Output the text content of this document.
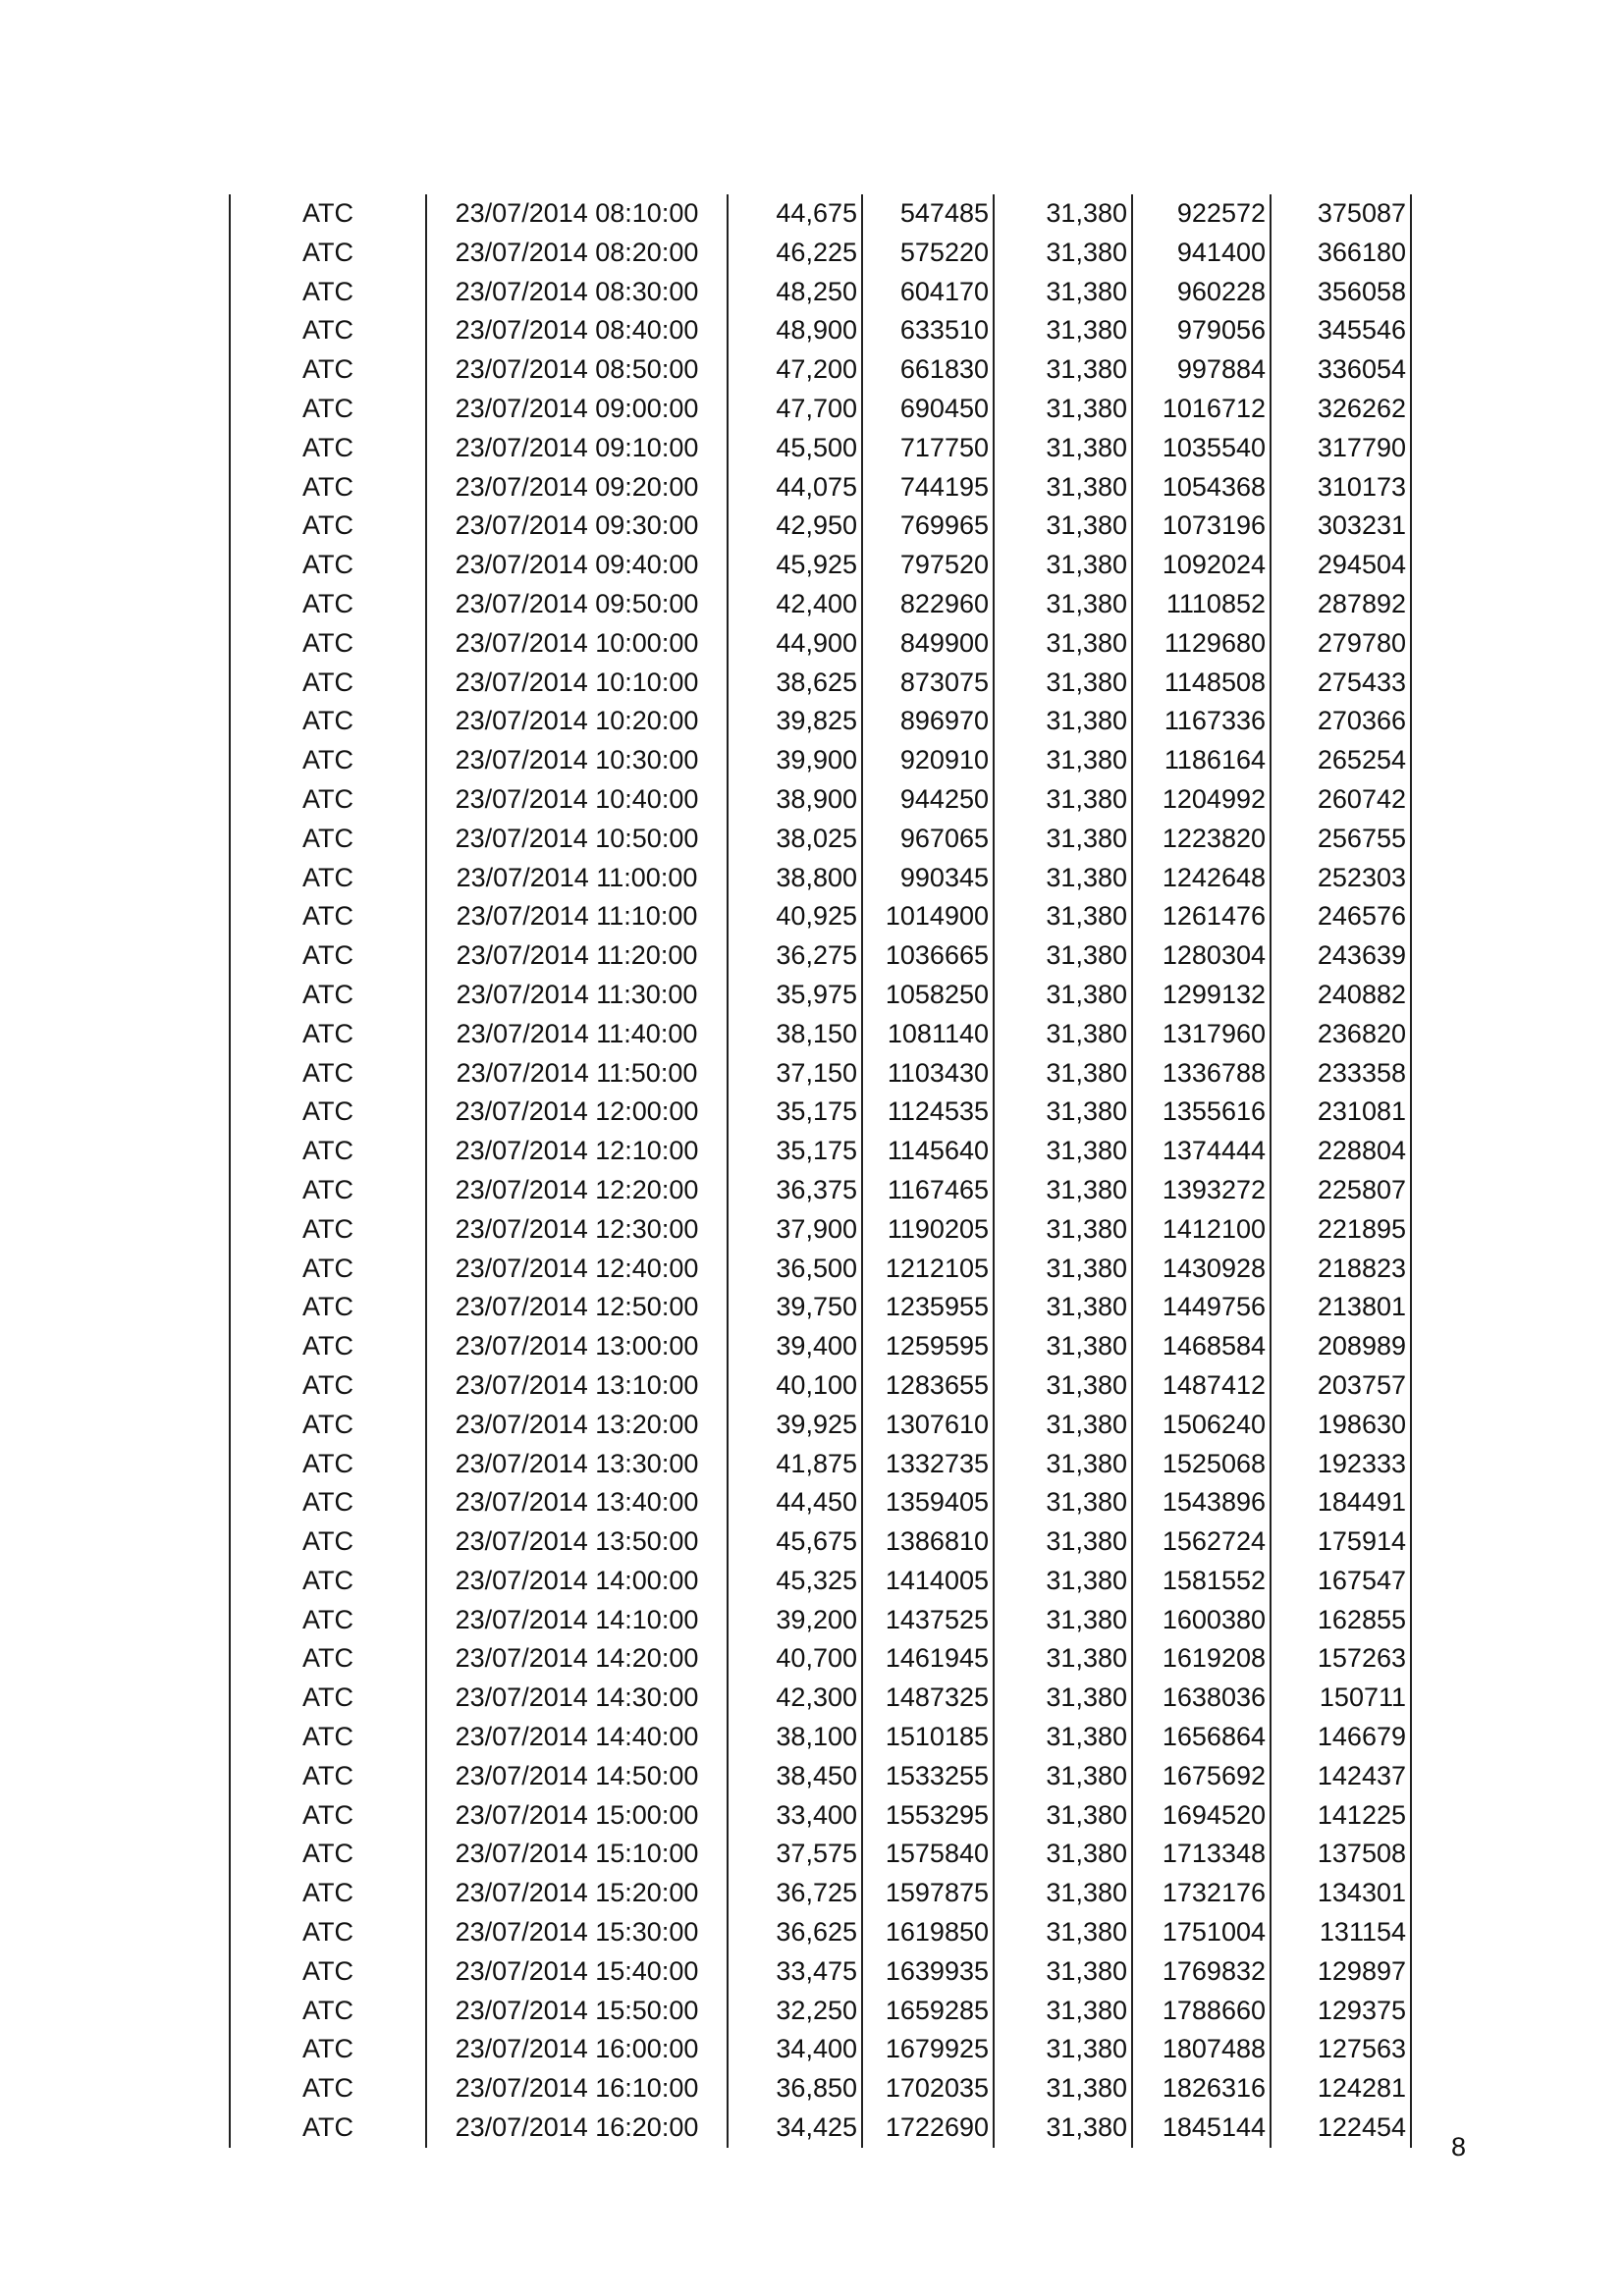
ATC	23/07/2014 08:10:00	44,675	547485	31,380	922572	375087
ATC	23/07/2014 08:20:00	46,225	575220	31,380	941400	366180
ATC	23/07/2014 08:30:00	48,250	604170	31,380	960228	356058
ATC	23/07/2014 08:40:00	48,900	633510	31,380	979056	345546
ATC	23/07/2014 08:50:00	47,200	661830	31,380	997884	336054
ATC	23/07/2014 09:00:00	47,700	690450	31,380	1016712	326262
ATC	23/07/2014 09:10:00	45,500	717750	31,380	1035540	317790
ATC	23/07/2014 09:20:00	44,075	744195	31,380	1054368	310173
ATC	23/07/2014 09:30:00	42,950	769965	31,380	1073196	303231
ATC	23/07/2014 09:40:00	45,925	797520	31,380	1092024	294504
ATC	23/07/2014 09:50:00	42,400	822960	31,380	1110852	287892
ATC	23/07/2014 10:00:00	44,900	849900	31,380	1129680	279780
ATC	23/07/2014 10:10:00	38,625	873075	31,380	1148508	275433
ATC	23/07/2014 10:20:00	39,825	896970	31,380	1167336	270366
ATC	23/07/2014 10:30:00	39,900	920910	31,380	1186164	265254
ATC	23/07/2014 10:40:00	38,900	944250	31,380	1204992	260742
ATC	23/07/2014 10:50:00	38,025	967065	31,380	1223820	256755
ATC	23/07/2014 11:00:00	38,800	990345	31,380	1242648	252303
ATC	23/07/2014 11:10:00	40,925	1014900	31,380	1261476	246576
ATC	23/07/2014 11:20:00	36,275	1036665	31,380	1280304	243639
ATC	23/07/2014 11:30:00	35,975	1058250	31,380	1299132	240882
ATC	23/07/2014 11:40:00	38,150	1081140	31,380	1317960	236820
ATC	23/07/2014 11:50:00	37,150	1103430	31,380	1336788	233358
ATC	23/07/2014 12:00:00	35,175	1124535	31,380	1355616	231081
ATC	23/07/2014 12:10:00	35,175	1145640	31,380	1374444	228804
ATC	23/07/2014 12:20:00	36,375	1167465	31,380	1393272	225807
ATC	23/07/2014 12:30:00	37,900	1190205	31,380	1412100	221895
ATC	23/07/2014 12:40:00	36,500	1212105	31,380	1430928	218823
ATC	23/07/2014 12:50:00	39,750	1235955	31,380	1449756	213801
ATC	23/07/2014 13:00:00	39,400	1259595	31,380	1468584	208989
ATC	23/07/2014 13:10:00	40,100	1283655	31,380	1487412	203757
ATC	23/07/2014 13:20:00	39,925	1307610	31,380	1506240	198630
ATC	23/07/2014 13:30:00	41,875	1332735	31,380	1525068	192333
ATC	23/07/2014 13:40:00	44,450	1359405	31,380	1543896	184491
ATC	23/07/2014 13:50:00	45,675	1386810	31,380	1562724	175914
ATC	23/07/2014 14:00:00	45,325	1414005	31,380	1581552	167547
ATC	23/07/2014 14:10:00	39,200	1437525	31,380	1600380	162855
ATC	23/07/2014 14:20:00	40,700	1461945	31,380	1619208	157263
ATC	23/07/2014 14:30:00	42,300	1487325	31,380	1638036	150711
ATC	23/07/2014 14:40:00	38,100	1510185	31,380	1656864	146679
ATC	23/07/2014 14:50:00	38,450	1533255	31,380	1675692	142437
ATC	23/07/2014 15:00:00	33,400	1553295	31,380	1694520	141225
ATC	23/07/2014 15:10:00	37,575	1575840	31,380	1713348	137508
ATC	23/07/2014 15:20:00	36,725	1597875	31,380	1732176	134301
ATC	23/07/2014 15:30:00	36,625	1619850	31,380	1751004	131154
ATC	23/07/2014 15:40:00	33,475	1639935	31,380	1769832	129897
ATC	23/07/2014 15:50:00	32,250	1659285	31,380	1788660	129375
ATC	23/07/2014 16:00:00	34,400	1679925	31,380	1807488	127563
ATC	23/07/2014 16:10:00	36,850	1702035	31,380	1826316	124281
ATC	23/07/2014 16:20:00	34,425	1722690	31,380	1845144	122454
8
